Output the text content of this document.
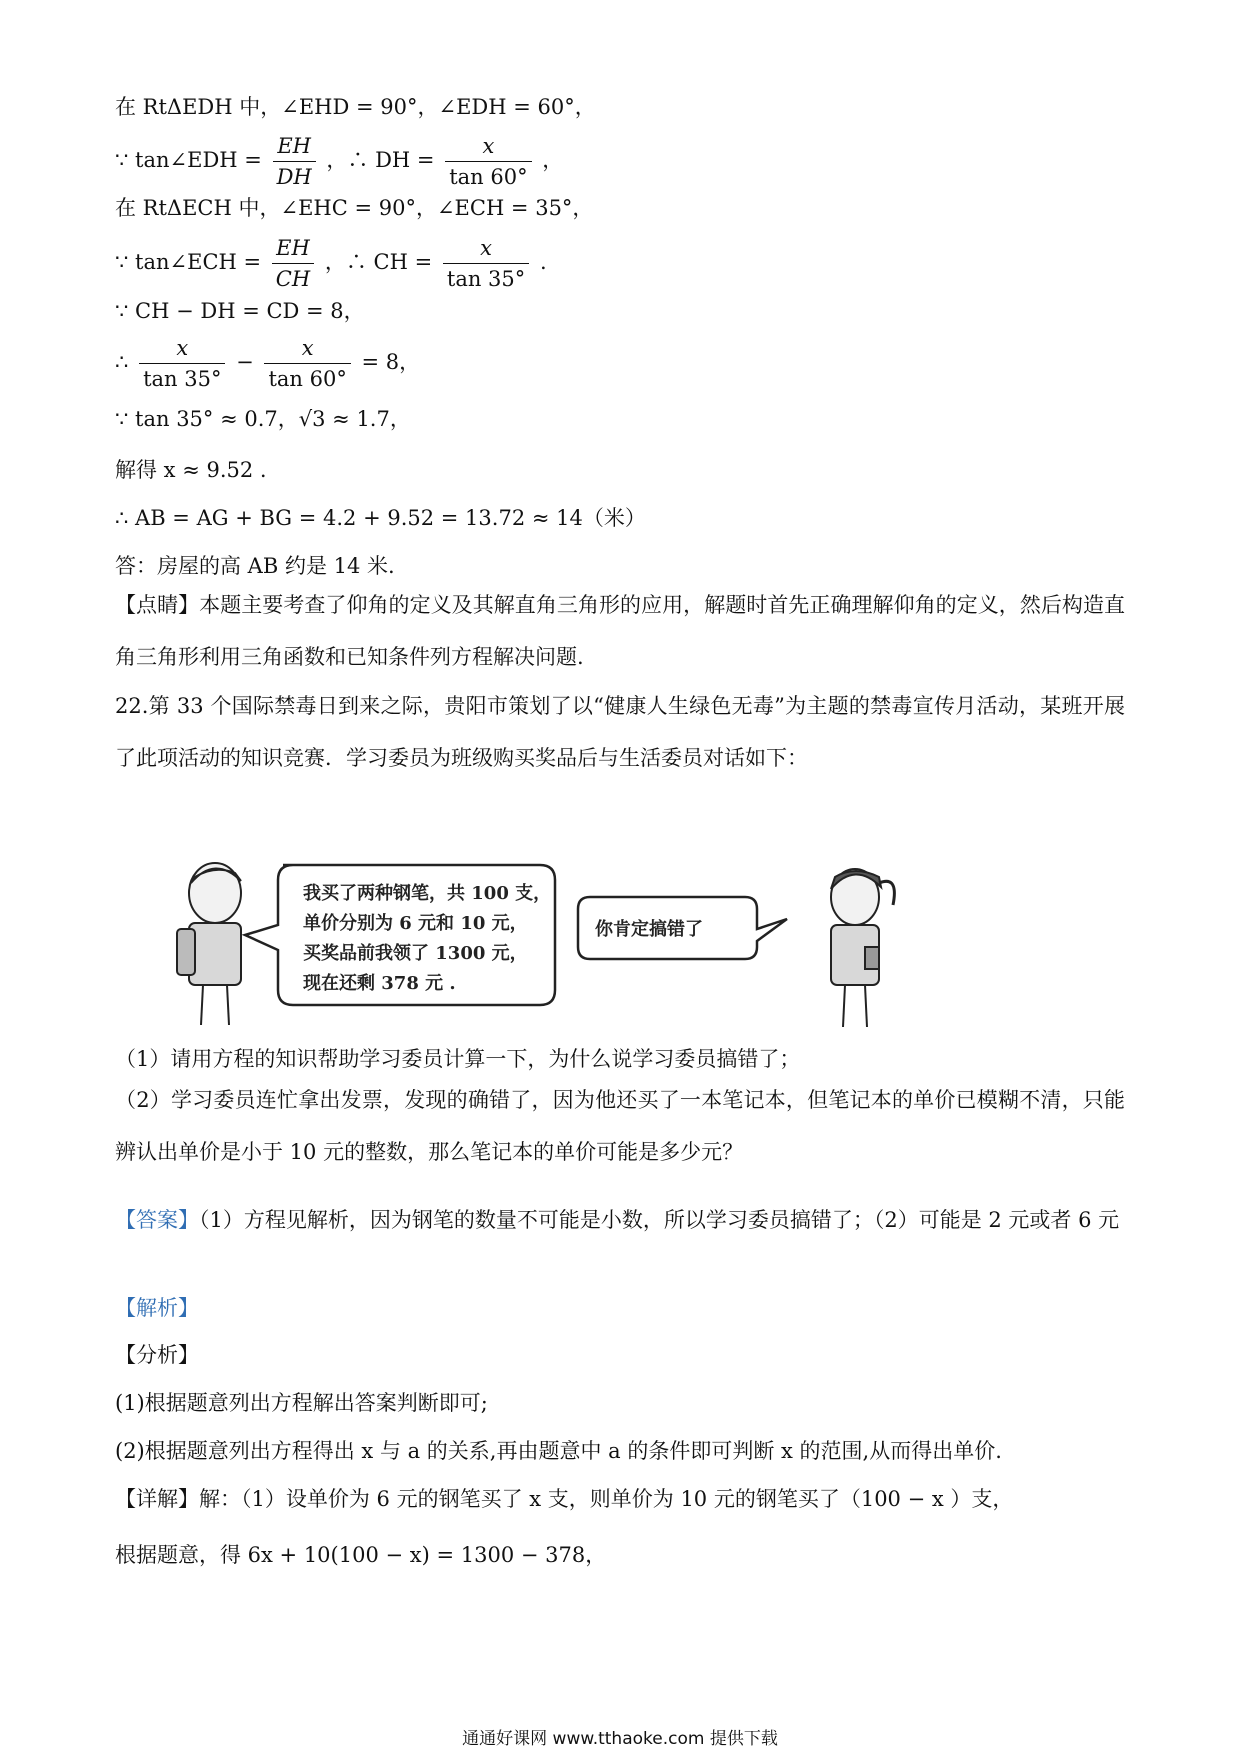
在 RtΔEDH 中，∠EHD = 90°，∠EDH = 60°，
∵ tan∠EDH = $\frac{EH}{DH}$ ，∴ DH = $\frac{x}{\tan 60^\circ}$ ，
在 RtΔECH 中，∠EHC = 90°，∠ECH = 35°，
∵ tan∠ECH = $\frac{EH}{CH}$ ，∴ CH = $\frac{x}{\tan 35^\circ}$ .
∵ CH − DH = CD = 8，
∴ $\frac{x}{\tan 35^\circ} - \frac{x}{\tan 60^\circ} = 8$，
∵ tan 35° ≈ 0.7，√3 ≈ 1.7，
解得 x ≈ 9.52 .
∴ AB = AG + BG = 4.2 + 9.52 = 13.72 ≈ 14（米）
答：房屋的高 AB 约是 14 米.
【点睛】本题主要考查了仰角的定义及其解直角三角形的应用，解题时首先正确理解仰角的定义，然后构造直角三角形利用三角函数和已知条件列方程解决问题.
22.第 33 个国际禁毒日到来之际，贵阳市策划了以“健康人生绿色无毒”为主题的禁毒宣传月活动，某班开展了此项活动的知识竞赛．学习委员为班级购买奖品后与生活委员对话如下：
我买了两种钢笔，共 100 支，
单价分别为 6 元和 10 元，
买奖品前我领了 1300 元，
现在还剩 378 元 .
你肯定搞错了
（1）请用方程的知识帮助学习委员计算一下，为什么说学习委员搞错了；
（2）学习委员连忙拿出发票，发现的确错了，因为他还买了一本笔记本，但笔记本的单价已模糊不清，只能辨认出单价是小于 10 元的整数，那么笔记本的单价可能是多少元？
【答案】（1）方程见解析，因为钢笔的数量不可能是小数，所以学习委员搞错了；（2）可能是 2 元或者 6 元
【解析】
【分析】
(1)根据题意列出方程解出答案判断即可;
(2)根据题意列出方程得出 x 与 a 的关系,再由题意中 a 的条件即可判断 x 的范围,从而得出单价.
【详解】解：（1）设单价为 6 元的钢笔买了 x 支，则单价为 10 元的钢笔买了（100 − x ）支，
根据题意，得 6x + 10(100 − x) = 1300 − 378，
通通好课网 www.tthaoke.com 提供下载
